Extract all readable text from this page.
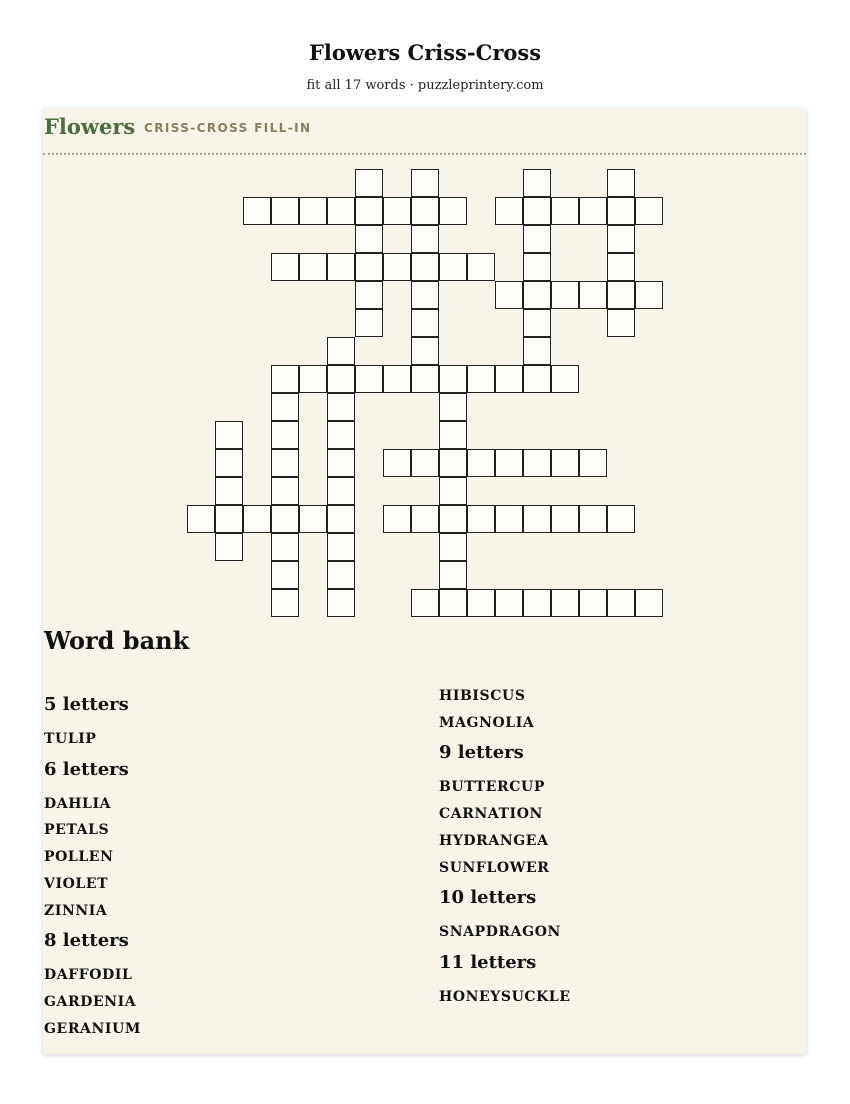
Flowers Criss-Cross
fit all 17 words · puzzleprintery.com
Flowers CRISS-CROSS FILL-IN
Word bank
5 letters
TULIP
6 letters
DAHLIA
PETALS
POLLEN
VIOLET
ZINNIA
8 letters
DAFFODIL
GARDENIA
GERANIUM
HIBISCUS
MAGNOLIA
9 letters
BUTTERCUP
CARNATION
HYDRANGEA
SUNFLOWER
10 letters
SNAPDRAGON
11 letters
HONEYSUCKLE
